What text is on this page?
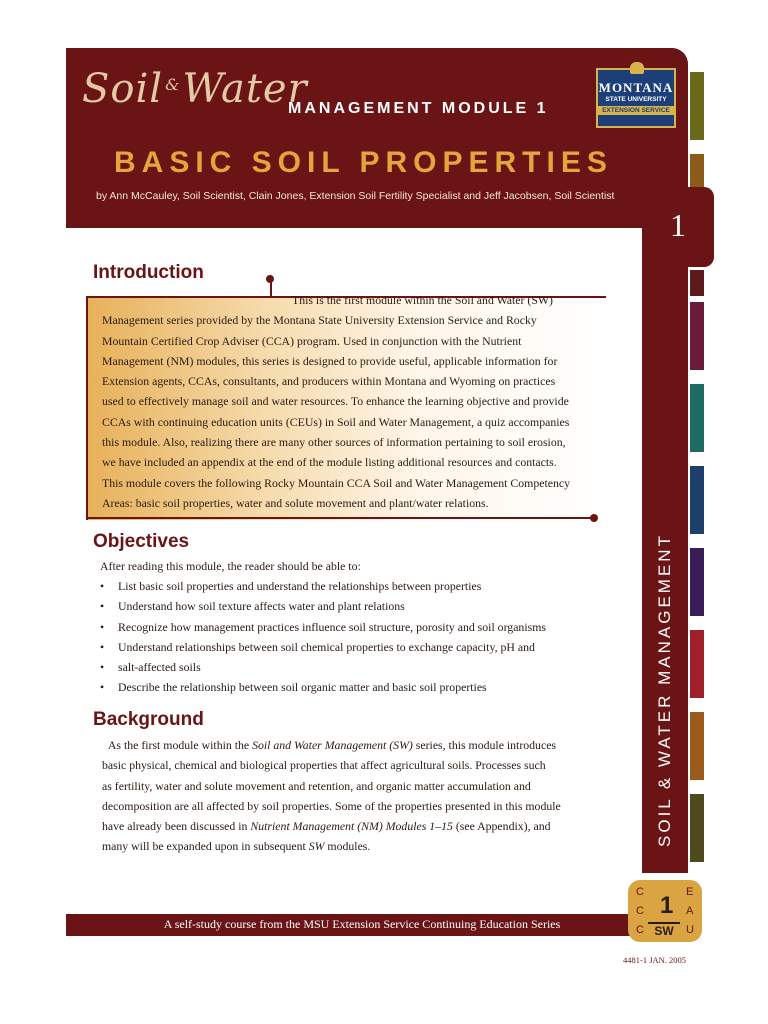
Soil &Water
MANAGEMENT MODULE 1
BASIC SOIL PROPERTIES
by Ann McCauley, Soil Scientist, Clain Jones, Extension Soil Fertility Specialist and Jeff Jacobsen, Soil Scientist
MONTANA
STATE UNIVERSITY
EXTENSION SERVICE
1
SOIL & WATER MANAGEMENT
Introduction
This is the first module within the Soil and Water (SW)
Management series provided by the Montana State University Extension Service and Rocky
Mountain Certified Crop Adviser (CCA) program. Used in conjunction with the Nutrient
Management (NM) modules, this series is designed to provide useful, applicable information for
Extension agents, CCAs, consultants, and producers within Montana and Wyoming on practices
used to effectively manage soil and water resources. To enhance the learning objective and provide
CCAs with continuing education units (CEUs) in Soil and Water Management, a quiz accompanies
this module. Also, realizing there are many other sources of information pertaining to soil erosion,
we have included an appendix at the end of the module listing additional resources and contacts.
This module covers the following Rocky Mountain CCA Soil and Water Management Competency
Areas: basic soil properties, water and solute movement and plant/water relations.
Objectives
After reading this module, the reader should be able to:
• List basic soil properties and understand the relationships between properties
• Understand how soil texture affects water and plant relations
• Recognize how management practices influence soil structure, porosity and soil organisms
• Understand relationships between soil chemical properties to exchange capacity, pH and
• salt-affected soils
• Describe the relationship between soil organic matter and basic soil properties
Background
As the first module within the Soil and Water Management (SW) series, this module introduces
basic physical, chemical and biological properties that affect agricultural soils. Processes such
as fertility, water and solute movement and retention, and organic matter accumulation and
decomposition are all affected by soil properties. Some of the properties presented in this module
have already been discussed in Nutrient Management (NM) Modules 1–15 (see Appendix), and
many will be expanded upon in subsequent SW modules.
A self-study course from the MSU Extension Service Continuing Education Series
C	E
C	A
C	U
1
SW
4481-1 JAN. 2005
